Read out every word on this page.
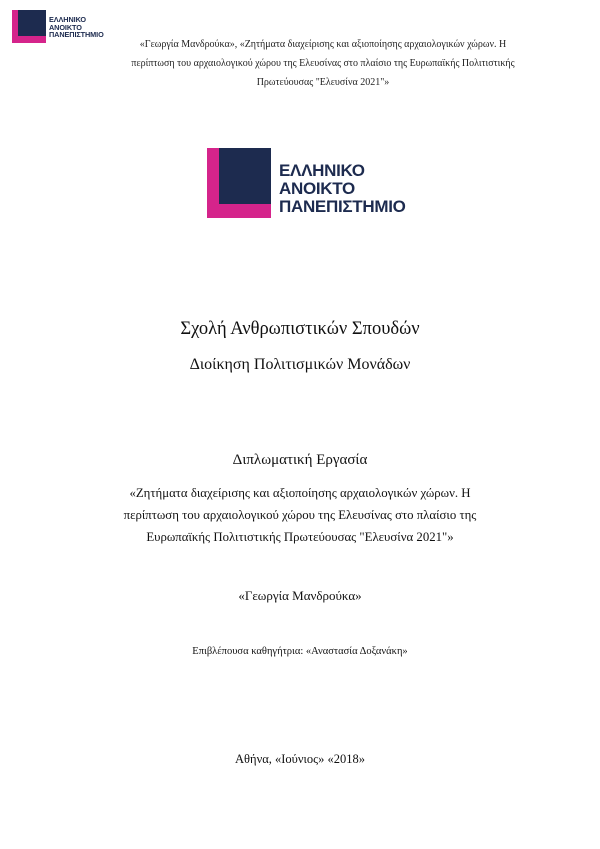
ΕΛΛΗΝΙΚΟ
ΑΝΟΙΚΤΟ
ΠΑΝΕΠΙΣΤΗΜΙΟ
«Γεωργία Μανδρούκα», «Ζητήματα διαχείρισης και αξιοποίησης αρχαιολογικών χώρων. Η
περίπτωση του αρχαιολογικού χώρου της Ελευσίνας στο πλαίσιο της Ευρωπαϊκής Πολιτιστικής
Πρωτεύουσας "Ελευσίνα 2021"»
ΕΛΛΗΝΙΚΟ
ΑΝΟΙΚΤΟ
ΠΑΝΕΠΙΣΤΗΜΙΟ
Σχολή Ανθρωπιστικών Σπουδών
Διοίκηση Πολιτισμικών Μονάδων
Διπλωματική Εργασία
«Ζητήματα διαχείρισης και αξιοποίησης αρχαιολογικών χώρων. Η
περίπτωση του αρχαιολογικού χώρου της Ελευσίνας στο πλαίσιο της
Ευρωπαϊκής Πολιτιστικής Πρωτεύουσας "Ελευσίνα 2021"»
«Γεωργία Μανδρούκα»
Επιβλέπουσα καθηγήτρια: «Αναστασία Δοξανάκη»
Αθήνα, «Ιούνιος» «2018»
